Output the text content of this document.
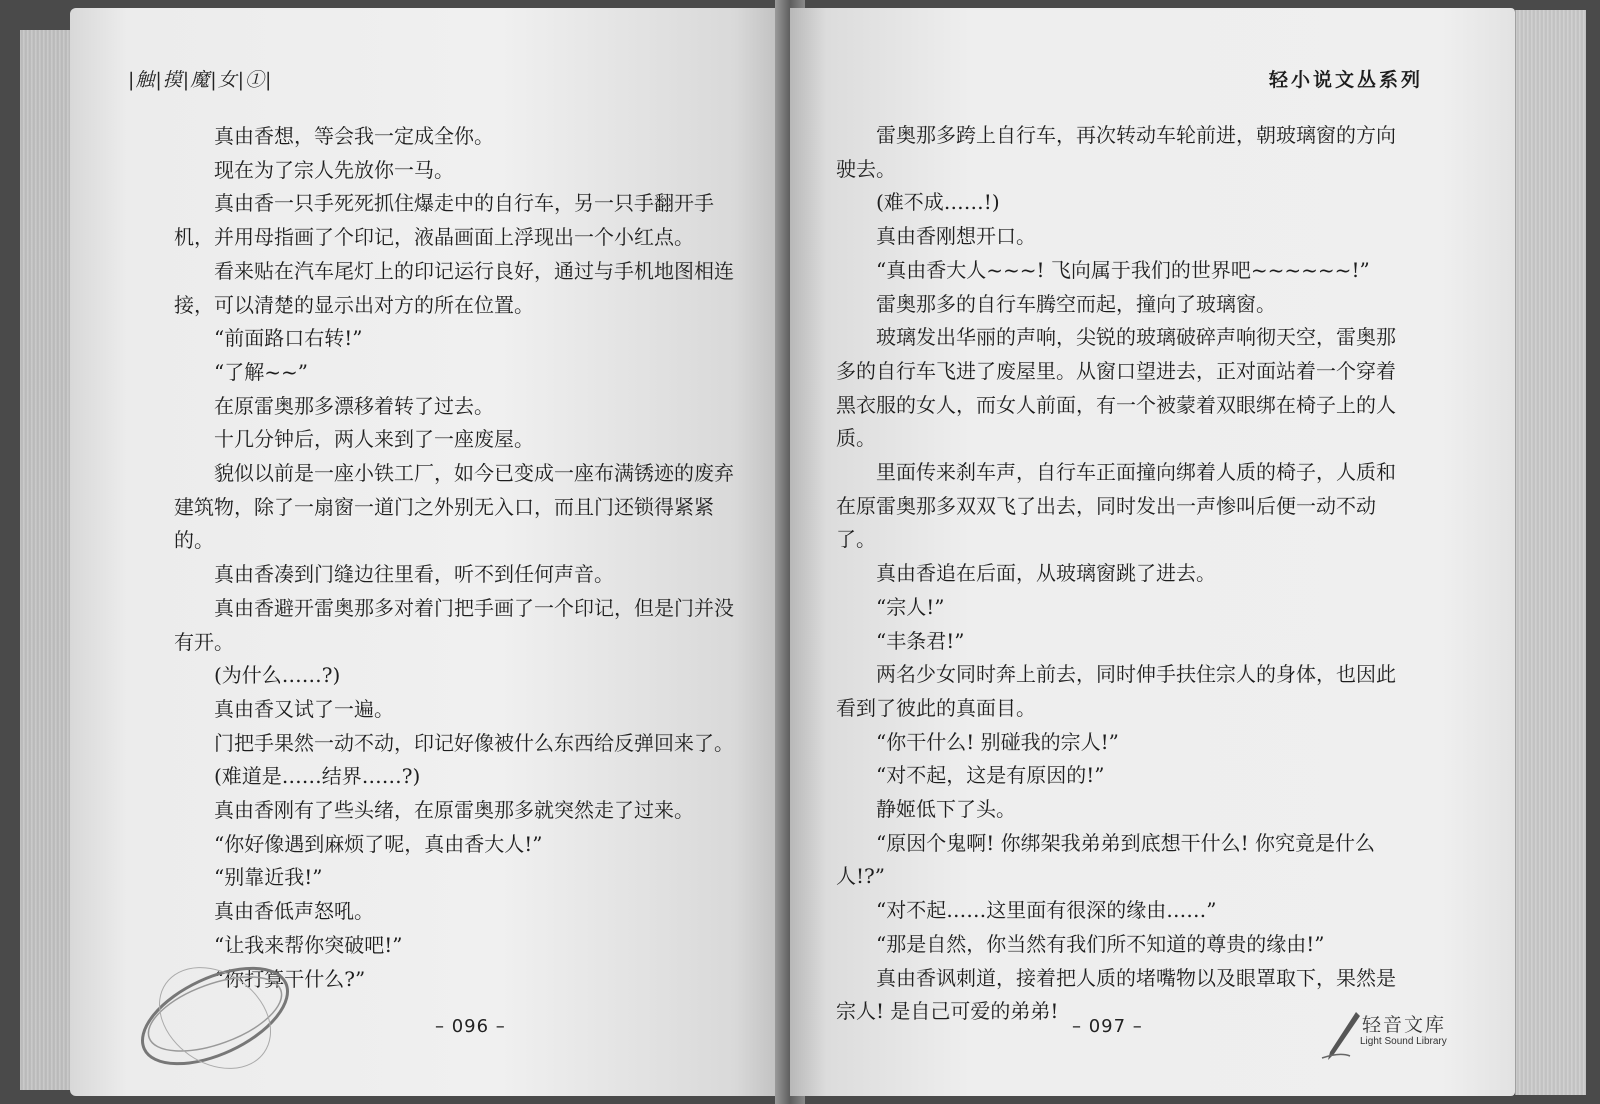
|触|摸|魔|女|①|

真由香想，等会我一定成全你。

现在为了宗人先放你一马。

真由香一只手死死抓住爆走中的自行车，另一只手翻开手机，并用母指画了个印记，液晶画面上浮现出一个小红点。

看来贴在汽车尾灯上的印记运行良好，通过与手机地图相连接，可以清楚的显示出对方的所在位置。

“前面路口右转!”

“了解~~”

在原雷奥那多漂移着转了过去。

十几分钟后，两人来到了一座废屋。

貌似以前是一座小铁工厂，如今已变成一座布满锈迹的废弃建筑物，除了一扇窗一道门之外别无入口，而且门还锁得紧紧的。

真由香凑到门缝边往里看，听不到任何声音。

真由香避开雷奥那多对着门把手画了一个印记，但是门并没有开。

(为什么……?)

真由香又试了一遍。

门把手果然一动不动，印记好像被什么东西给反弹回来了。

(难道是……结界……?)

真由香刚有了些头绪，在原雷奥那多就突然走了过来。

“你好像遇到麻烦了呢，真由香大人!”

“别靠近我!”

真由香低声怒吼。

“让我来帮你突破吧!”

“你打算干什么?”

– 096 –
轻小说文丛系列

雷奥那多跨上自行车，再次转动车轮前进，朝玻璃窗的方向驶去。

(难不成……!)

真由香刚想开口。

“真由香大人~~~! 飞向属于我们的世界吧~~~~~~!”

雷奥那多的自行车腾空而起，撞向了玻璃窗。

玻璃发出华丽的声响，尖锐的玻璃破碎声响彻天空，雷奥那多的自行车飞进了废屋里。从窗口望进去，正对面站着一个穿着黑衣服的女人，而女人前面，有一个被蒙着双眼绑在椅子上的人质。

里面传来刹车声，自行车正面撞向绑着人质的椅子，人质和在原雷奥那多双双飞了出去，同时发出一声惨叫后便一动不动了。

真由香追在后面，从玻璃窗跳了进去。

“宗人!”

“丰条君!”

两名少女同时奔上前去，同时伸手扶住宗人的身体，也因此看到了彼此的真面目。

“你干什么! 别碰我的宗人!”

“对不起，这是有原因的!”

静姬低下了头。

“原因个鬼啊! 你绑架我弟弟到底想干什么! 你究竟是什么人!?”

“对不起……这里面有很深的缘由……”

“那是自然，你当然有我们所不知道的尊贵的缘由!”

真由香讽刺道，接着把人质的堵嘴物以及眼罩取下，果然是宗人! 是自己可爱的弟弟!

– 097 –	轻音文库
Light Sound Library
